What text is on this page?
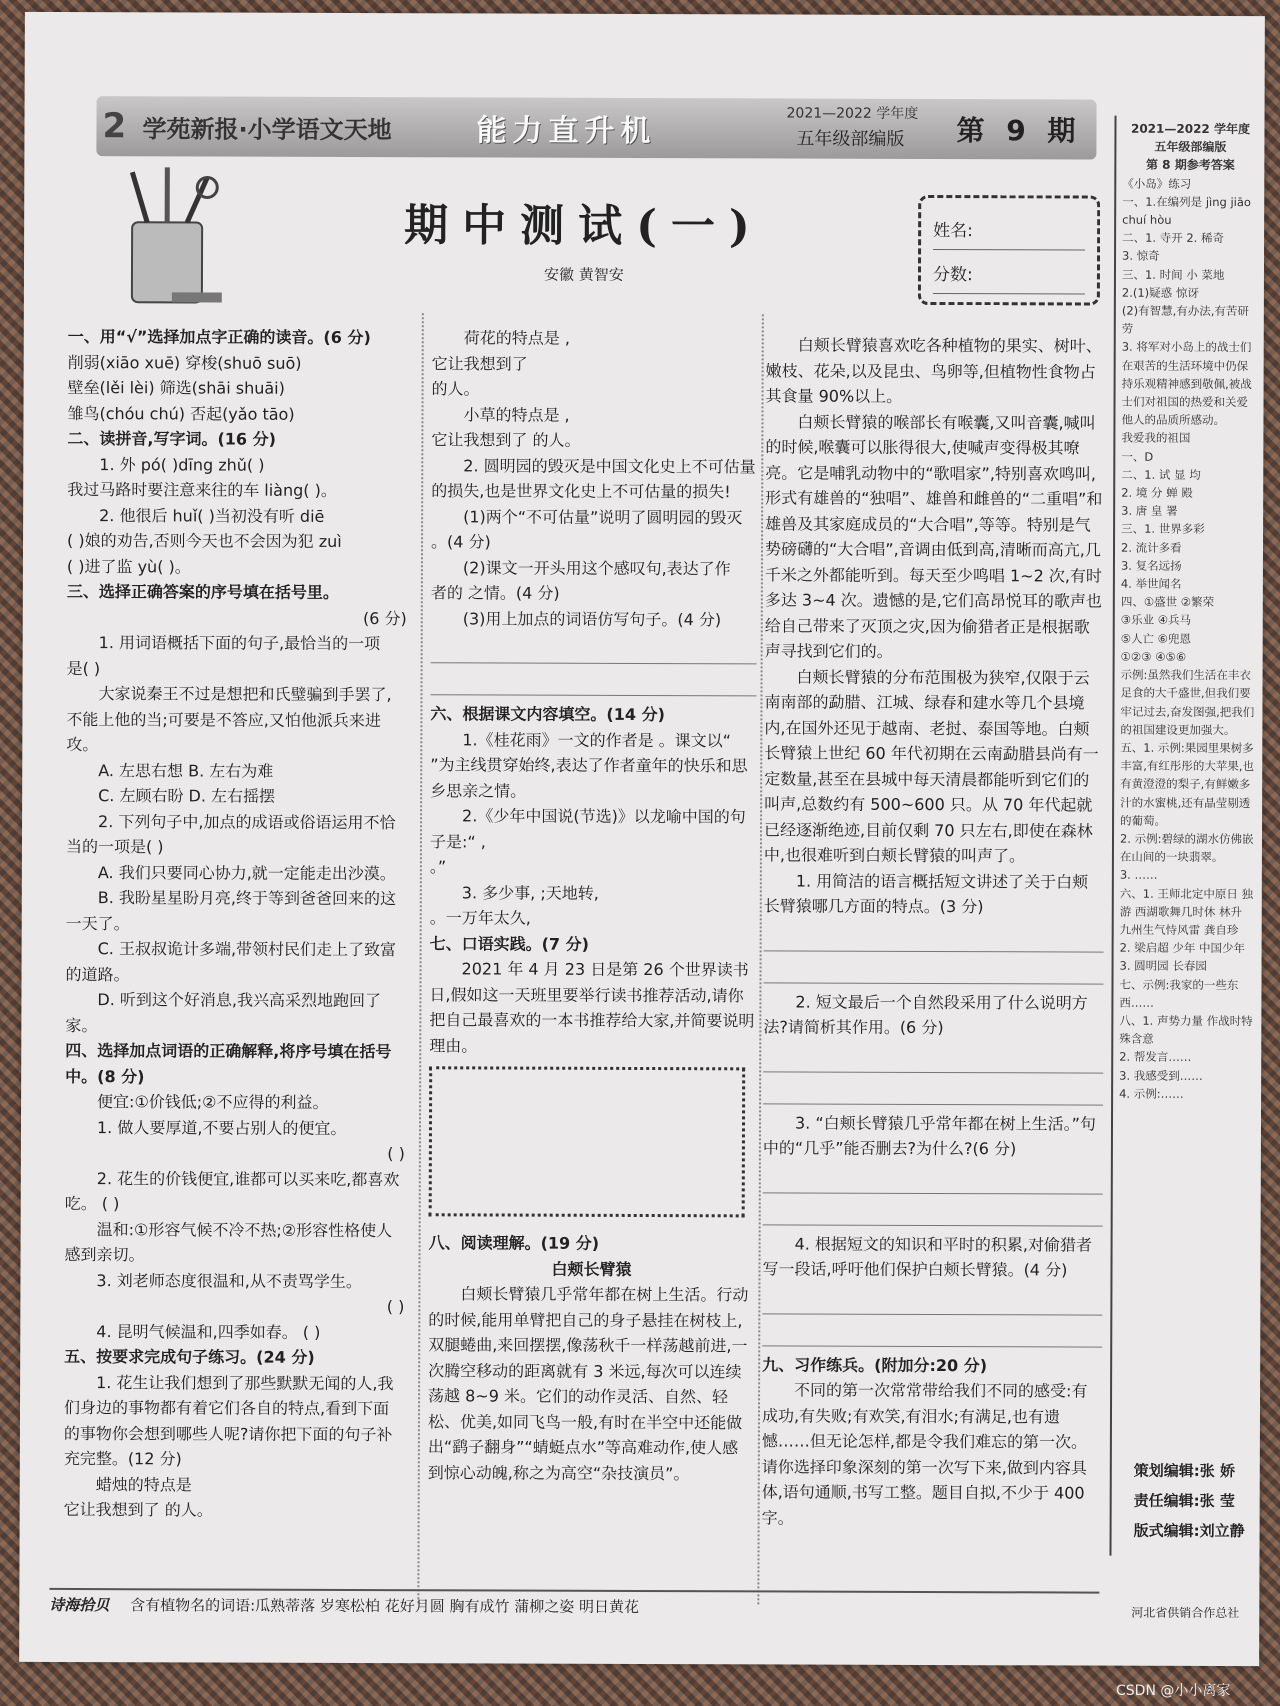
2 学苑新报·小学语文天地	能力直升机	2021—2022 学年度
五年级部编版 第 9 期
期中测试(一)
安徽 黄智安
姓名:
分数:

一、用“√”选择加点字正确的读音。(6 分)

削弱(xiāo xuē) 穿梭(shuō suō)

壁垒(lěi lèi) 筛选(shāi shuāi)

雏鸟(chóu chú) 否起(yǎo tāo)

二、读拼音,写字词。(16 分)

1. 外 pó( )dīng zhǔ( )

我过马路时要注意来往的车 liàng( )。

2. 他很后 huǐ( )当初没有听 diē

( )娘的劝告,否则今天也不会因为犯 zuì

( )进了监 yù( )。

三、选择正确答案的序号填在括号里。

(6 分)

1. 用词语概括下面的句子,最恰当的一项

是( )

大家说秦王不过是想把和氏璧骗到手罢了,不能上他的当;可要是不答应,又怕他派兵来进攻。

A. 左思右想 B. 左右为难

C. 左顾右盼 D. 左右摇摆

2. 下列句子中,加点的成语或俗语运用不恰当的一项是( )

A. 我们只要同心协力,就一定能走出沙漠。

B. 我盼星星盼月亮,终于等到爸爸回来的这一天了。

C. 王叔叔诡计多端,带领村民们走上了致富的道路。

D. 听到这个好消息,我兴高采烈地跑回了家。

四、选择加点词语的正确解释,将序号填在括号中。(8 分)

便宜:①价钱低;②不应得的利益。

1. 做人要厚道,不要占别人的便宜。

( )

2. 花生的价钱便宜,谁都可以买来吃,都喜欢吃。 ( )

温和:①形容气候不冷不热;②形容性格使人感到亲切。

3. 刘老师态度很温和,从不责骂学生。

( )

4. 昆明气候温和,四季如春。 ( )

五、按要求完成句子练习。(24 分)

1. 花生让我们想到了那些默默无闻的人,我们身边的事物都有着它们各自的特点,看到下面的事物你会想到哪些人呢?请你把下面的句子补充完整。(12 分)

蜡烛的特点是

它让我想到了 的人。

荷花的特点是 ,

它让我想到了

的人。

小草的特点是 ,

它让我想到了 的人。

2. 圆明园的毁灭是中国文化史上不可估量的损失,也是世界文化史上不可估量的损失!

(1)两个“不可估量”说明了圆明园的毁灭

。(4 分)

(2)课文一开头用这个感叹句,表达了作

者的 之情。(4 分)

(3)用上加点的词语仿写句子。(4 分)

六、根据课文内容填空。(14 分)

1.《桂花雨》一文的作者是 。课文以“ ”为主线贯穿始终,表达了作者童年的快乐和思乡思亲之情。

2.《少年中国说(节选)》以龙喻中国的句子是:“ ,

。”

3. 多少事, ;天地转,

。一万年太久,

七、口语实践。(7 分)

2021 年 4 月 23 日是第 26 个世界读书日,假如这一天班里要举行读书推荐活动,请你把自己最喜欢的一本书推荐给大家,并简要说明理由。

八、阅读理解。(19 分)

白颊长臂猿

白颊长臂猿几乎常年都在树上生活。行动的时候,能用单臂把自己的身子悬挂在树枝上,双腿蜷曲,来回摆摆,像荡秋千一样荡越前进,一次腾空移动的距离就有 3 米远,每次可以连续荡越 8~9 米。它们的动作灵活、自然、轻松、优美,如同飞鸟一般,有时在半空中还能做出“鹞子翻身”“蜻蜓点水”等高难动作,使人感到惊心动魄,称之为高空“杂技演员”。

白颊长臂猿喜欢吃各种植物的果实、树叶、嫩枝、花朵,以及昆虫、鸟卵等,但植物性食物占其食量 90%以上。

白颊长臂猿的喉部长有喉囊,又叫音囊,喊叫的时候,喉囊可以胀得很大,使喊声变得极其嘹亮。它是哺乳动物中的“歌唱家”,特别喜欢鸣叫,形式有雄兽的“独唱”、雄兽和雌兽的“二重唱”和雄兽及其家庭成员的“大合唱”,等等。特别是气势磅礴的“大合唱”,音调由低到高,清晰而高亢,几千米之外都能听到。每天至少鸣唱 1~2 次,有时多达 3~4 次。遗憾的是,它们高昂悦耳的歌声也给自己带来了灭顶之灾,因为偷猎者正是根据歌声寻找到它们的。

白颊长臂猿的分布范围极为狭窄,仅限于云南南部的勐腊、江城、绿春和建水等几个县境内,在国外还见于越南、老挝、泰国等地。白颊长臂猿上世纪 60 年代初期在云南勐腊县尚有一定数量,甚至在县城中每天清晨都能听到它们的叫声,总数约有 500~600 只。从 70 年代起就已经逐渐绝迹,目前仅剩 70 只左右,即使在森林中,也很难听到白颊长臂猿的叫声了。

1. 用简洁的语言概括短文讲述了关于白颊长臂猿哪几方面的特点。(3 分)

2. 短文最后一个自然段采用了什么说明方法?请简析其作用。(6 分)

3. “白颊长臂猿几乎常年都在树上生活。”句中的“几乎”能否删去?为什么?(6 分)

4. 根据短文的知识和平时的积累,对偷猎者写一段话,呼吁他们保护白颊长臂猿。(4 分)

九、习作练兵。(附加分:20 分)

不同的第一次常常带给我们不同的感受:有成功,有失败;有欢笑,有泪水;有满足,也有遗憾……但无论怎样,都是令我们难忘的第一次。请你选择印象深刻的第一次写下来,做到内容具体,语句通顺,书写工整。题目自拟,不少于 400 字。

2021—2022 学年度
五年级部编版
第 8 期参考答案
《小岛》练习
一、1.在编列是 jìng jiāo
chuí hòu
二、1. 寺开 2. 稀奇
3. 惊奇
三、1. 时间 小 菜地
2.(1)疑惑 惊讶
(2)有智慧,有办法,有苦研劳
3. 将军对小岛上的战士们在艰苦的生活环境中仍保持乐观精神感到敬佩,被战士们对祖国的热爱和关爱他人的品质所感动。
我爱我的祖国
一、D
二、1. 试 显 均
2. 境 分 蝉 殿
3. 唐 皇 署
三、1. 世界多彩
2. 流计多看
3. 复名远扬
4. 举世闻名
四、①盛世 ②繁荣
③乐业 ④兵马
⑤人亡 ⑥兜恩
①②③ ④⑤⑥
示例:虽然我们生活在丰衣足食的大千盛世,但我们要牢记过去,奋发图强,把我们的祖国建设更加强大。
五、1. 示例:果园里果树多丰富,有红彤彤的大苹果,也有黄澄澄的梨子,有鲜嫩多汁的水蜜桃,还有晶莹剔透的葡萄。
2. 示例:碧绿的湖水仿佛嵌在山间的一块翡翠。
3. ……
六、1. 王师北定中原日 独游 西湖歌舞几时休 林升 九州生气恃风雷 龚自珍
2. 梁启超 少年 中国少年
3. 圆明园 长春园
七、示例:我家的一些东西……
八、1. 声势力量 作战时特殊含意
2. 帮发言……
3. 我感受到……
4. 示例:……
策划编辑:张 娇
责任编辑:张 莹
版式编辑:刘立静
河北省供销合作总社
诗海拾贝 含有植物名的词语:瓜熟蒂落 岁寒松柏 花好月圆 胸有成竹 蒲柳之姿 明日黄花
CSDN @小小离家
